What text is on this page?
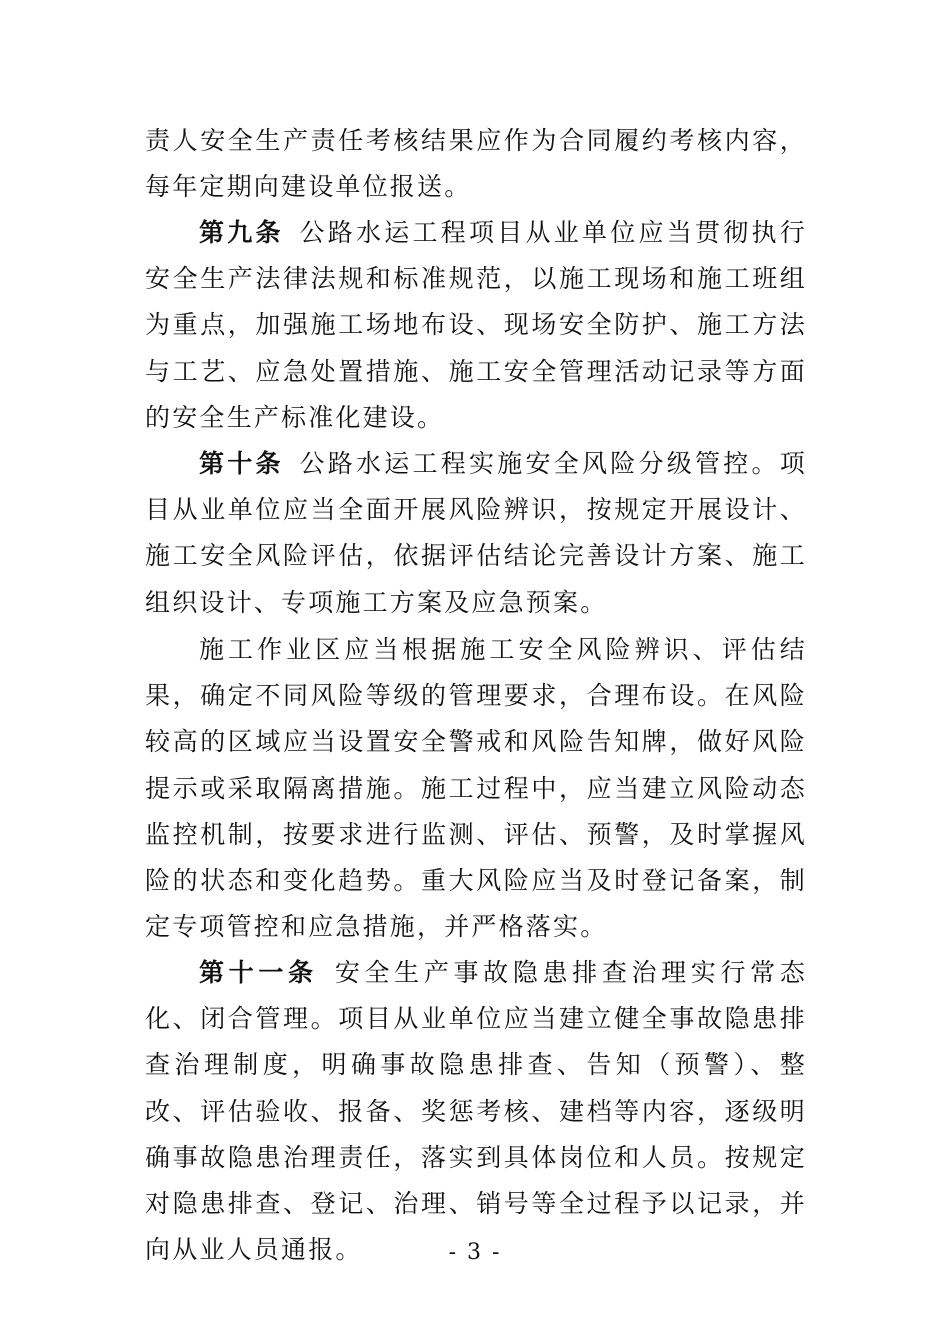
责人安全生产责任考核结果应作为合同履约考核内容，每年定期向建设单位报送。

第九条  公路水运工程项目从业单位应当贯彻执行安全生产法律法规和标准规范，以施工现场和施工班组为重点，加强施工场地布设、现场安全防护、施工方法与工艺、应急处置措施、施工安全管理活动记录等方面的安全生产标准化建设。

第十条  公路水运工程实施安全风险分级管控。项目从业单位应当全面开展风险辨识，按规定开展设计、施工安全风险评估，依据评估结论完善设计方案、施工组织设计、专项施工方案及应急预案。

施工作业区应当根据施工安全风险辨识、评估结果，确定不同风险等级的管理要求，合理布设。在风险较高的区域应当设置安全警戒和风险告知牌，做好风险提示或采取隔离措施。施工过程中，应当建立风险动态监控机制，按要求进行监测、评估、预警，及时掌握风险的状态和变化趋势。重大风险应当及时登记备案，制定专项管控和应急措施，并严格落实。

第十一条  安全生产事故隐患排查治理实行常态化、闭合管理。项目从业单位应当建立健全事故隐患排查治理制度，明确事故隐患排查、告知（预警）、整改、评估验收、报备、奖惩考核、建档等内容，逐级明确事故隐患治理责任，落实到具体岗位和人员。按规定对隐患排查、登记、治理、销号等全过程予以记录，并向从业人员通报。	- 3 -
